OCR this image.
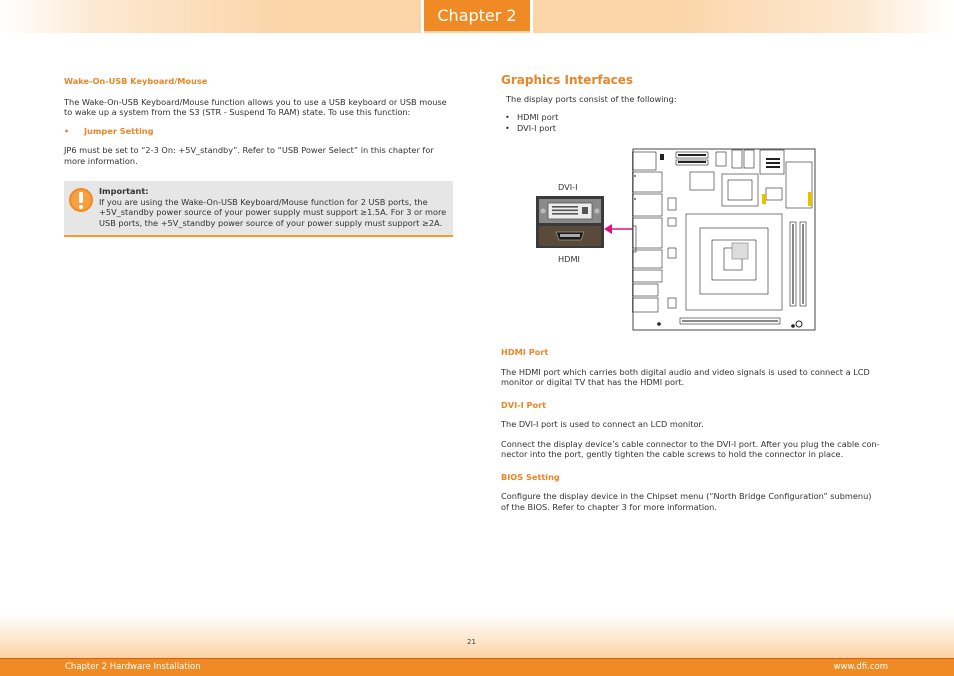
Chapter 2

Wake-On-USB Keyboard/Mouse

The Wake-On-USB Keyboard/Mouse function allows you to use a USB keyboard or USB mouse to wake up a system from the S3 (STR - Suspend To RAM) state. To use this function:

• Jumper Setting

JP6 must be set to “2-3 On: +5V_standby”. Refer to “USB Power Select” in this chapter for more information.

Important:

If you are using the Wake-On-USB Keyboard/Mouse function for 2 USB ports, the +5V_standby power source of your power supply must support ≥1.5A. For 3 or more USB ports, the +5V_standby power source of your power supply must support ≥2A.

Graphics Interfaces

The display ports consist of the following:

• HDMI port
• DVI-I port
DVI-I
HDMI

HDMI Port

The HDMI port which carries both digital audio and video signals is used to connect a LCD monitor or digital TV that has the HDMI port.

DVI-I Port

The DVI-I port is used to connect an LCD monitor.

Connect the display device’s cable connector to the DVI-I port. After you plug the cable con-nector into the port, gently tighten the cable screws to hold the connector in place.

BIOS Setting

Configure the display device in the Chipset menu (“North Bridge Configuration” submenu) of the BIOS. Refer to chapter 3 for more information.

21
Chapter 2 Hardware Installation	www.dfi.com
